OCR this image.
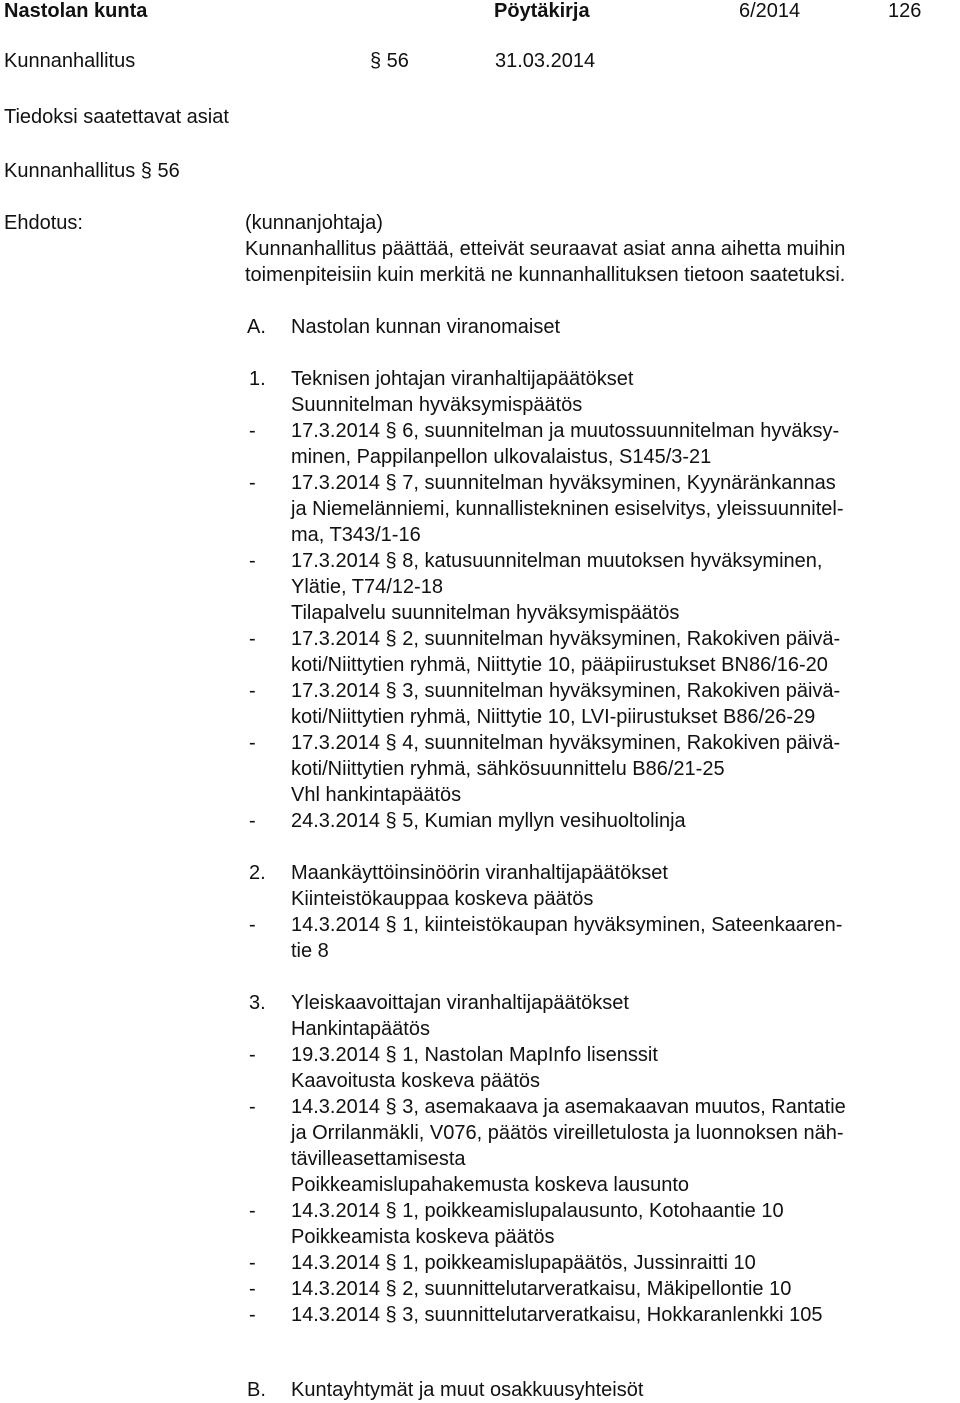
Nastolan kunta	Pöytäkirja	6/2014	126
Kunnanhallitus	§ 56	31.03.2014
Tiedoksi saatettavat asiat
Kunnanhallitus § 56
Ehdotus:	(kunnanjohtaja)
Kunnanhallitus päättää, etteivät seuraavat asiat anna aihetta muihin
toimenpiteisiin kuin merkitä ne kunnanhallituksen tietoon saatetuksi.
A. Nastolan kunnan viranomaiset
1. Teknisen johtajan viranhaltijapäätökset
Suunnitelman hyväksymispäätös
- 17.3.2014 § 6, suunnitelman ja muutossuunnitelman hyväksy-
minen, Pappilanpellon ulkovalaistus, S145/3-21
- 17.3.2014 § 7, suunnitelman hyväksyminen, Kyynäränkannas
ja Niemelänniemi, kunnallistekninen esiselvitys, yleissuunnitel-
ma, T343/1-16
- 17.3.2014 § 8, katusuunnitelman muutoksen hyväksyminen,
Ylätie, T74/12-18
Tilapalvelu suunnitelman hyväksymispäätös
- 17.3.2014 § 2, suunnitelman hyväksyminen, Rakokiven päivä-
koti/Niittytien ryhmä, Niittytie 10, pääpiirustukset BN86/16-20
- 17.3.2014 § 3, suunnitelman hyväksyminen, Rakokiven päivä-
koti/Niittytien ryhmä, Niittytie 10, LVI-piirustukset B86/26-29
- 17.3.2014 § 4, suunnitelman hyväksyminen, Rakokiven päivä-
koti/Niittytien ryhmä, sähkösuunnittelu B86/21-25
Vhl hankintapäätös
- 24.3.2014 § 5, Kumian myllyn vesihuoltolinja
2. Maankäyttöinsinöörin viranhaltijapäätökset
Kiinteistökauppaa koskeva päätös
- 14.3.2014 § 1, kiinteistökaupan hyväksyminen, Sateenkaaren-
tie 8
3. Yleiskaavoittajan viranhaltijapäätökset
Hankintapäätös
- 19.3.2014 § 1, Nastolan MapInfo lisenssit
Kaavoitusta koskeva päätös
- 14.3.2014 § 3, asemakaava ja asemakaavan muutos, Rantatie
ja Orrilanmäkli, V076, päätös vireilletulosta ja luonnoksen näh-
tävilleasettamisesta
Poikkeamislupahakemusta koskeva lausunto
- 14.3.2014 § 1, poikkeamislupalausunto, Kotohaantie 10
Poikkeamista koskeva päätös
- 14.3.2014 § 1, poikkeamislupapäätös, Jussinraitti 10
- 14.3.2014 § 2, suunnittelutarveratkaisu, Mäkipellontie 10
- 14.3.2014 § 3, suunnittelutarveratkaisu, Hokkaranlenkki 105
B. Kuntayhtymät ja muut osakkuusyhteisöt
